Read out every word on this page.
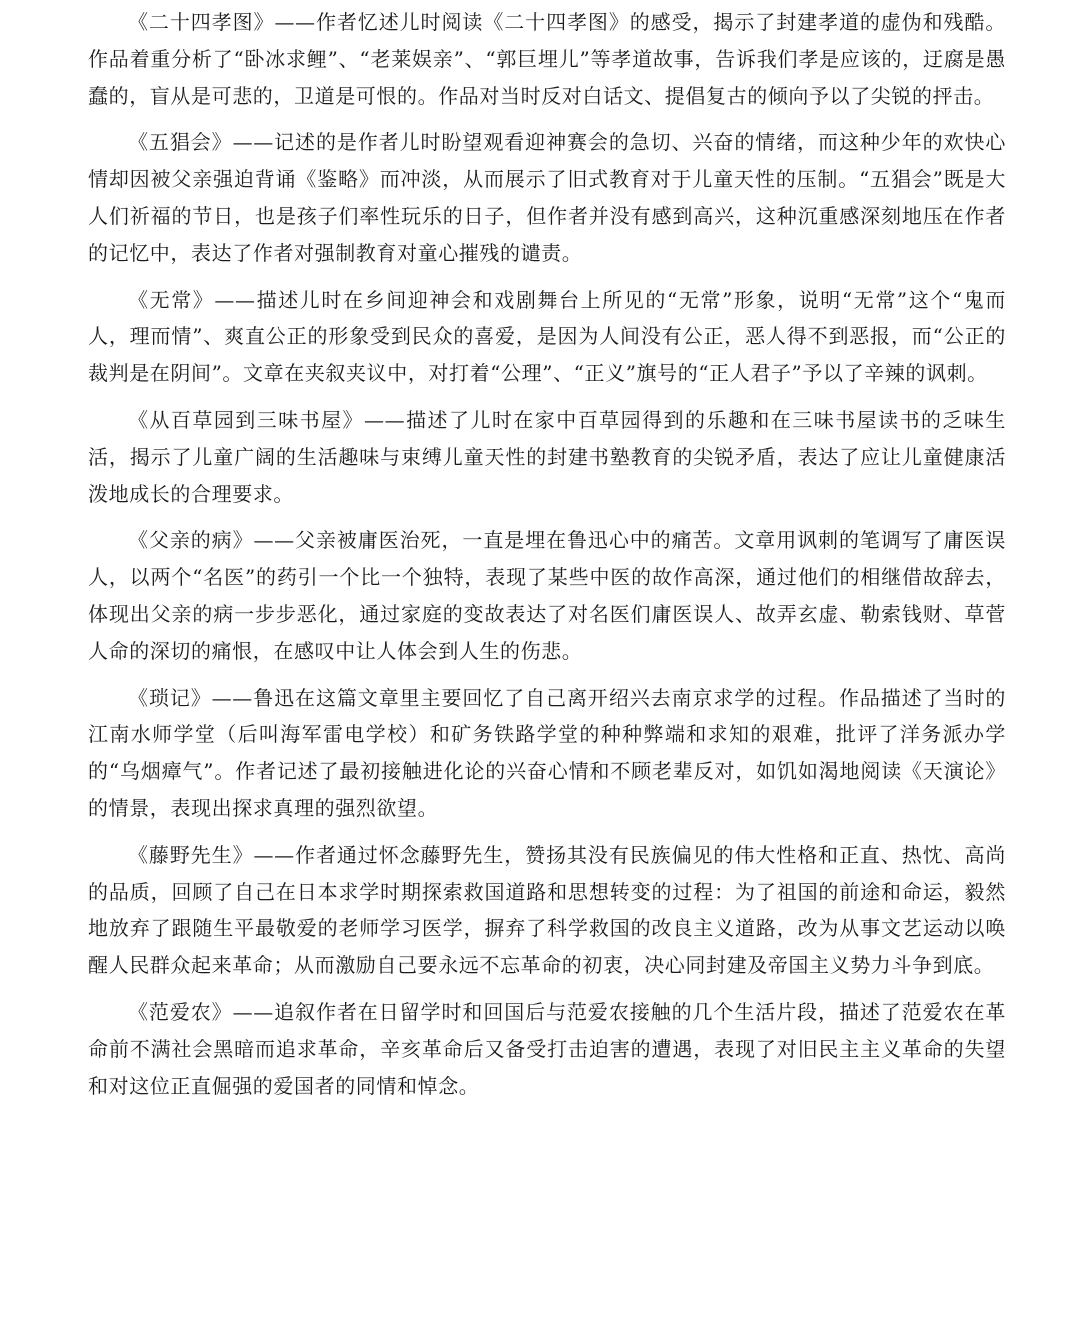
《二十四孝图》——作者忆述儿时阅读《二十四孝图》的感受，揭示了封建孝道的虚伪和残酷。作品着重分析了“卧冰求鲤”、“老莱娱亲”、“郭巨埋儿”等孝道故事，告诉我们孝是应该的，迂腐是愚蠢的，盲从是可悲的，卫道是可恨的。作品对当时反对白话文、提倡复古的倾向予以了尖锐的抨击。

《五猖会》——记述的是作者儿时盼望观看迎神赛会的急切、兴奋的情绪，而这种少年的欢快心情却因被父亲强迫背诵《鉴略》而冲淡，从而展示了旧式教育对于儿童天性的压制。“五猖会”既是大人们祈福的节日，也是孩子们率性玩乐的日子，但作者并没有感到高兴，这种沉重感深刻地压在作者的记忆中，表达了作者对强制教育对童心摧残的谴责。

《无常》——描述儿时在乡间迎神会和戏剧舞台上所见的“无常”形象，说明“无常”这个“鬼而人，理而情”、爽直公正的形象受到民众的喜爱，是因为人间没有公正，恶人得不到恶报，而“公正的裁判是在阴间”。文章在夹叙夹议中，对打着“公理”、“正义”旗号的“正人君子”予以了辛辣的讽刺。

《从百草园到三味书屋》——描述了儿时在家中百草园得到的乐趣和在三味书屋读书的乏味生活，揭示了儿童广阔的生活趣味与束缚儿童天性的封建书塾教育的尖锐矛盾，表达了应让儿童健康活泼地成长的合理要求。

《父亲的病》——父亲被庸医治死，一直是埋在鲁迅心中的痛苦。文章用讽刺的笔调写了庸医误人，以两个“名医”的药引一个比一个独特，表现了某些中医的故作高深，通过他们的相继借故辞去，体现出父亲的病一步步恶化，通过家庭的变故表达了对名医们庸医误人、故弄玄虚、勒索钱财、草菅人命的深切的痛恨，在感叹中让人体会到人生的伤悲。

《琐记》——鲁迅在这篇文章里主要回忆了自己离开绍兴去南京求学的过程。作品描述了当时的江南水师学堂（后叫海军雷电学校）和矿务铁路学堂的种种弊端和求知的艰难，批评了洋务派办学的“乌烟瘴气”。作者记述了最初接触进化论的兴奋心情和不顾老辈反对，如饥如渴地阅读《天演论》的情景，表现出探求真理的强烈欲望。

《藤野先生》——作者通过怀念藤野先生，赞扬其没有民族偏见的伟大性格和正直、热忱、高尚的品质，回顾了自己在日本求学时期探索救国道路和思想转变的过程：为了祖国的前途和命运，毅然地放弃了跟随生平最敬爱的老师学习医学，摒弃了科学救国的改良主义道路，改为从事文艺运动以唤醒人民群众起来革命；从而激励自己要永远不忘革命的初衷，决心同封建及帝国主义势力斗争到底。

《范爱农》——追叙作者在日留学时和回国后与范爱农接触的几个生活片段，描述了范爱农在革命前不满社会黑暗而追求革命，辛亥革命后又备受打击迫害的遭遇，表现了对旧民主主义革命的失望和对这位正直倔强的爱国者的同情和悼念。
